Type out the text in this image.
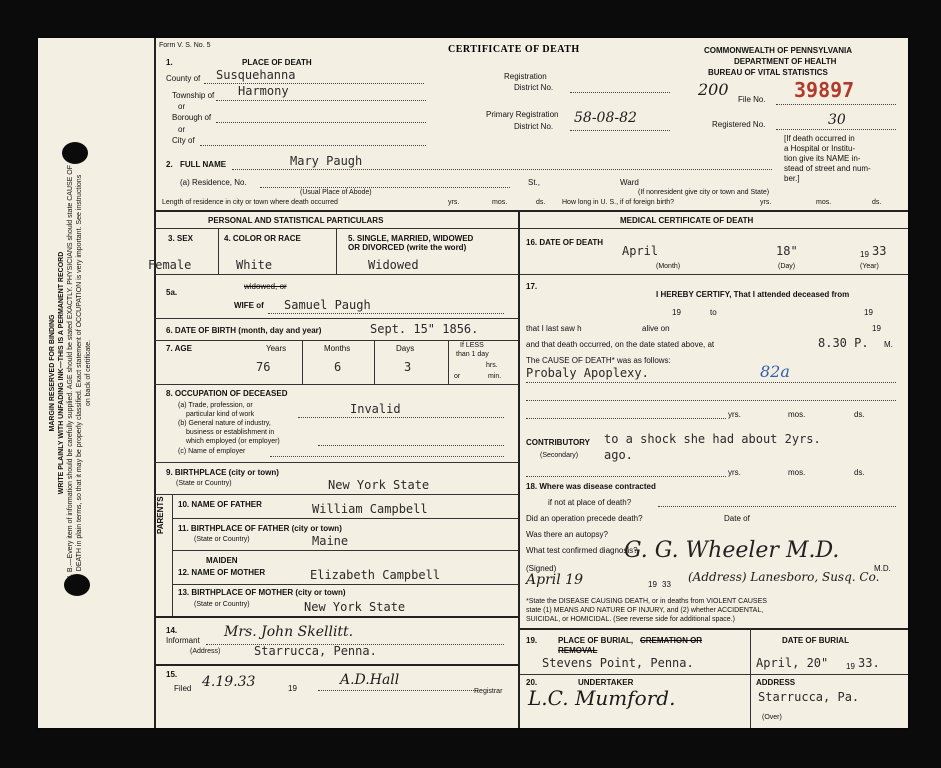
MARGIN RESERVED FOR BINDING WRITE PLAINLY WITH UNFADING INK—THIS IS A PERMANENT RECORD N. B.—Every item of information should be carefully supplied. AGE should be stated EXACTLY. PHYSICIANS should state CAUSE OF DEATH in plain terms, so that it may be properly classified. Exact statement of OCCUPATION is very important. See instructions on back of certificate.
Form V. S. No. 5
1.	PLACE OF DEATH
CERTIFICATE OF DEATH	COMMONWEALTH OF PENNSYLVANIA
DEPARTMENT OF HEALTH
BUREAU OF VITAL STATISTICS
County of Susquehanna
Township of Harmony
or
Borough of
or
City of
Registration
District No.
Primary Registration
District No.
58-08-82
200	39897
File No.
Registered No.	30
[If death occurred in
a Hospital or Institu-
tion give its NAME in-
stead of street and num-
ber.]
2. FULL NAME	Mary Paugh
(a) Residence, No.
(Usual Place of Abode)
St.,	Ward
(If nonresident give city or town and State)
Length of residence in city or town where death occurred	yrs.	mos.	ds. How long in U. S., if of foreign birth?	yrs.	mos.	ds.
PERSONAL AND STATISTICAL PARTICULARS
3. SEX
Female
4. COLOR OR RACE
White
5. SINGLE, MARRIED, WIDOWED
OR DIVORCED (write the word)
Widowed
5a.
widowed, or
WIFE of Samuel Paugh
6. DATE OF BIRTH (month, day and year)	Sept. 15" 1856.
7. AGE	Years	Months	Days
76	6	3
If LESS
than 1 day
hrs.
or	min.
8. OCCUPATION OF DECEASED
(a) Trade, profession, or
particular kind of work	Invalid
(b) General nature of industry,
business or establishment in
which employed (or employer)
(c) Name of employer
9. BIRTHPLACE (city or town)
(State or Country)	New York State
PARENTS 10. NAME OF FATHER	William Campbell
11. BIRTHPLACE OF FATHER (city or town)
(State or Country)	Maine
MAIDEN
12. NAME OF MOTHER	Elizabeth Campbell
13. BIRTHPLACE OF MOTHER (city or town)
(State or Country)	New York State
14.
Informant
Mrs. John Skellitt.
(Address)	Starrucca, Penna.
15.
Filed 4.19.33	19
A.D.Hall
Registrar
MEDICAL CERTIFICATE OF DEATH
16. DATE OF DEATH
April	18"	19 33
(Month)	(Day)	(Year)
17.
I HEREBY CERTIFY, That I attended deceased from
19	to	19
that I last saw h	alive on	19
and that death occurred, on the date stated above, at	8.30 P. M.
The CAUSE OF DEATH* was as follows:
Probaly Apoplexy.	82a
yrs.	mos.	ds.
CONTRIBUTORY
(Secondary)
to a shock she had about 2yrs.
ago.
yrs.	mos.	ds.
18. Where was disease contracted
if not at place of death?
Did an operation precede death?	Date of
Was there an autopsy?
What test confirmed diagnosis?
(Signed)
G. G. Wheeler M.D.
M.D.
April 19	19 33
(Address) Lanesboro, Susq. Co.
*State the DISEASE CAUSING DEATH, or in deaths from VIOLENT CAUSES
state (1) MEANS AND NATURE OF INJURY, and (2) whether ACCIDENTAL,
SUICIDAL, or HOMICIDAL. (See reverse side for additional space.)
19.	PLACE OF BURIAL, CREMATION OR
REMOVAL
Stevens Point, Penna.
DATE OF BURIAL
April, 20" 19 33.
20.	UNDERTAKER
L.C. Mumford.
ADDRESS
Starrucca, Pa.
(Over)
